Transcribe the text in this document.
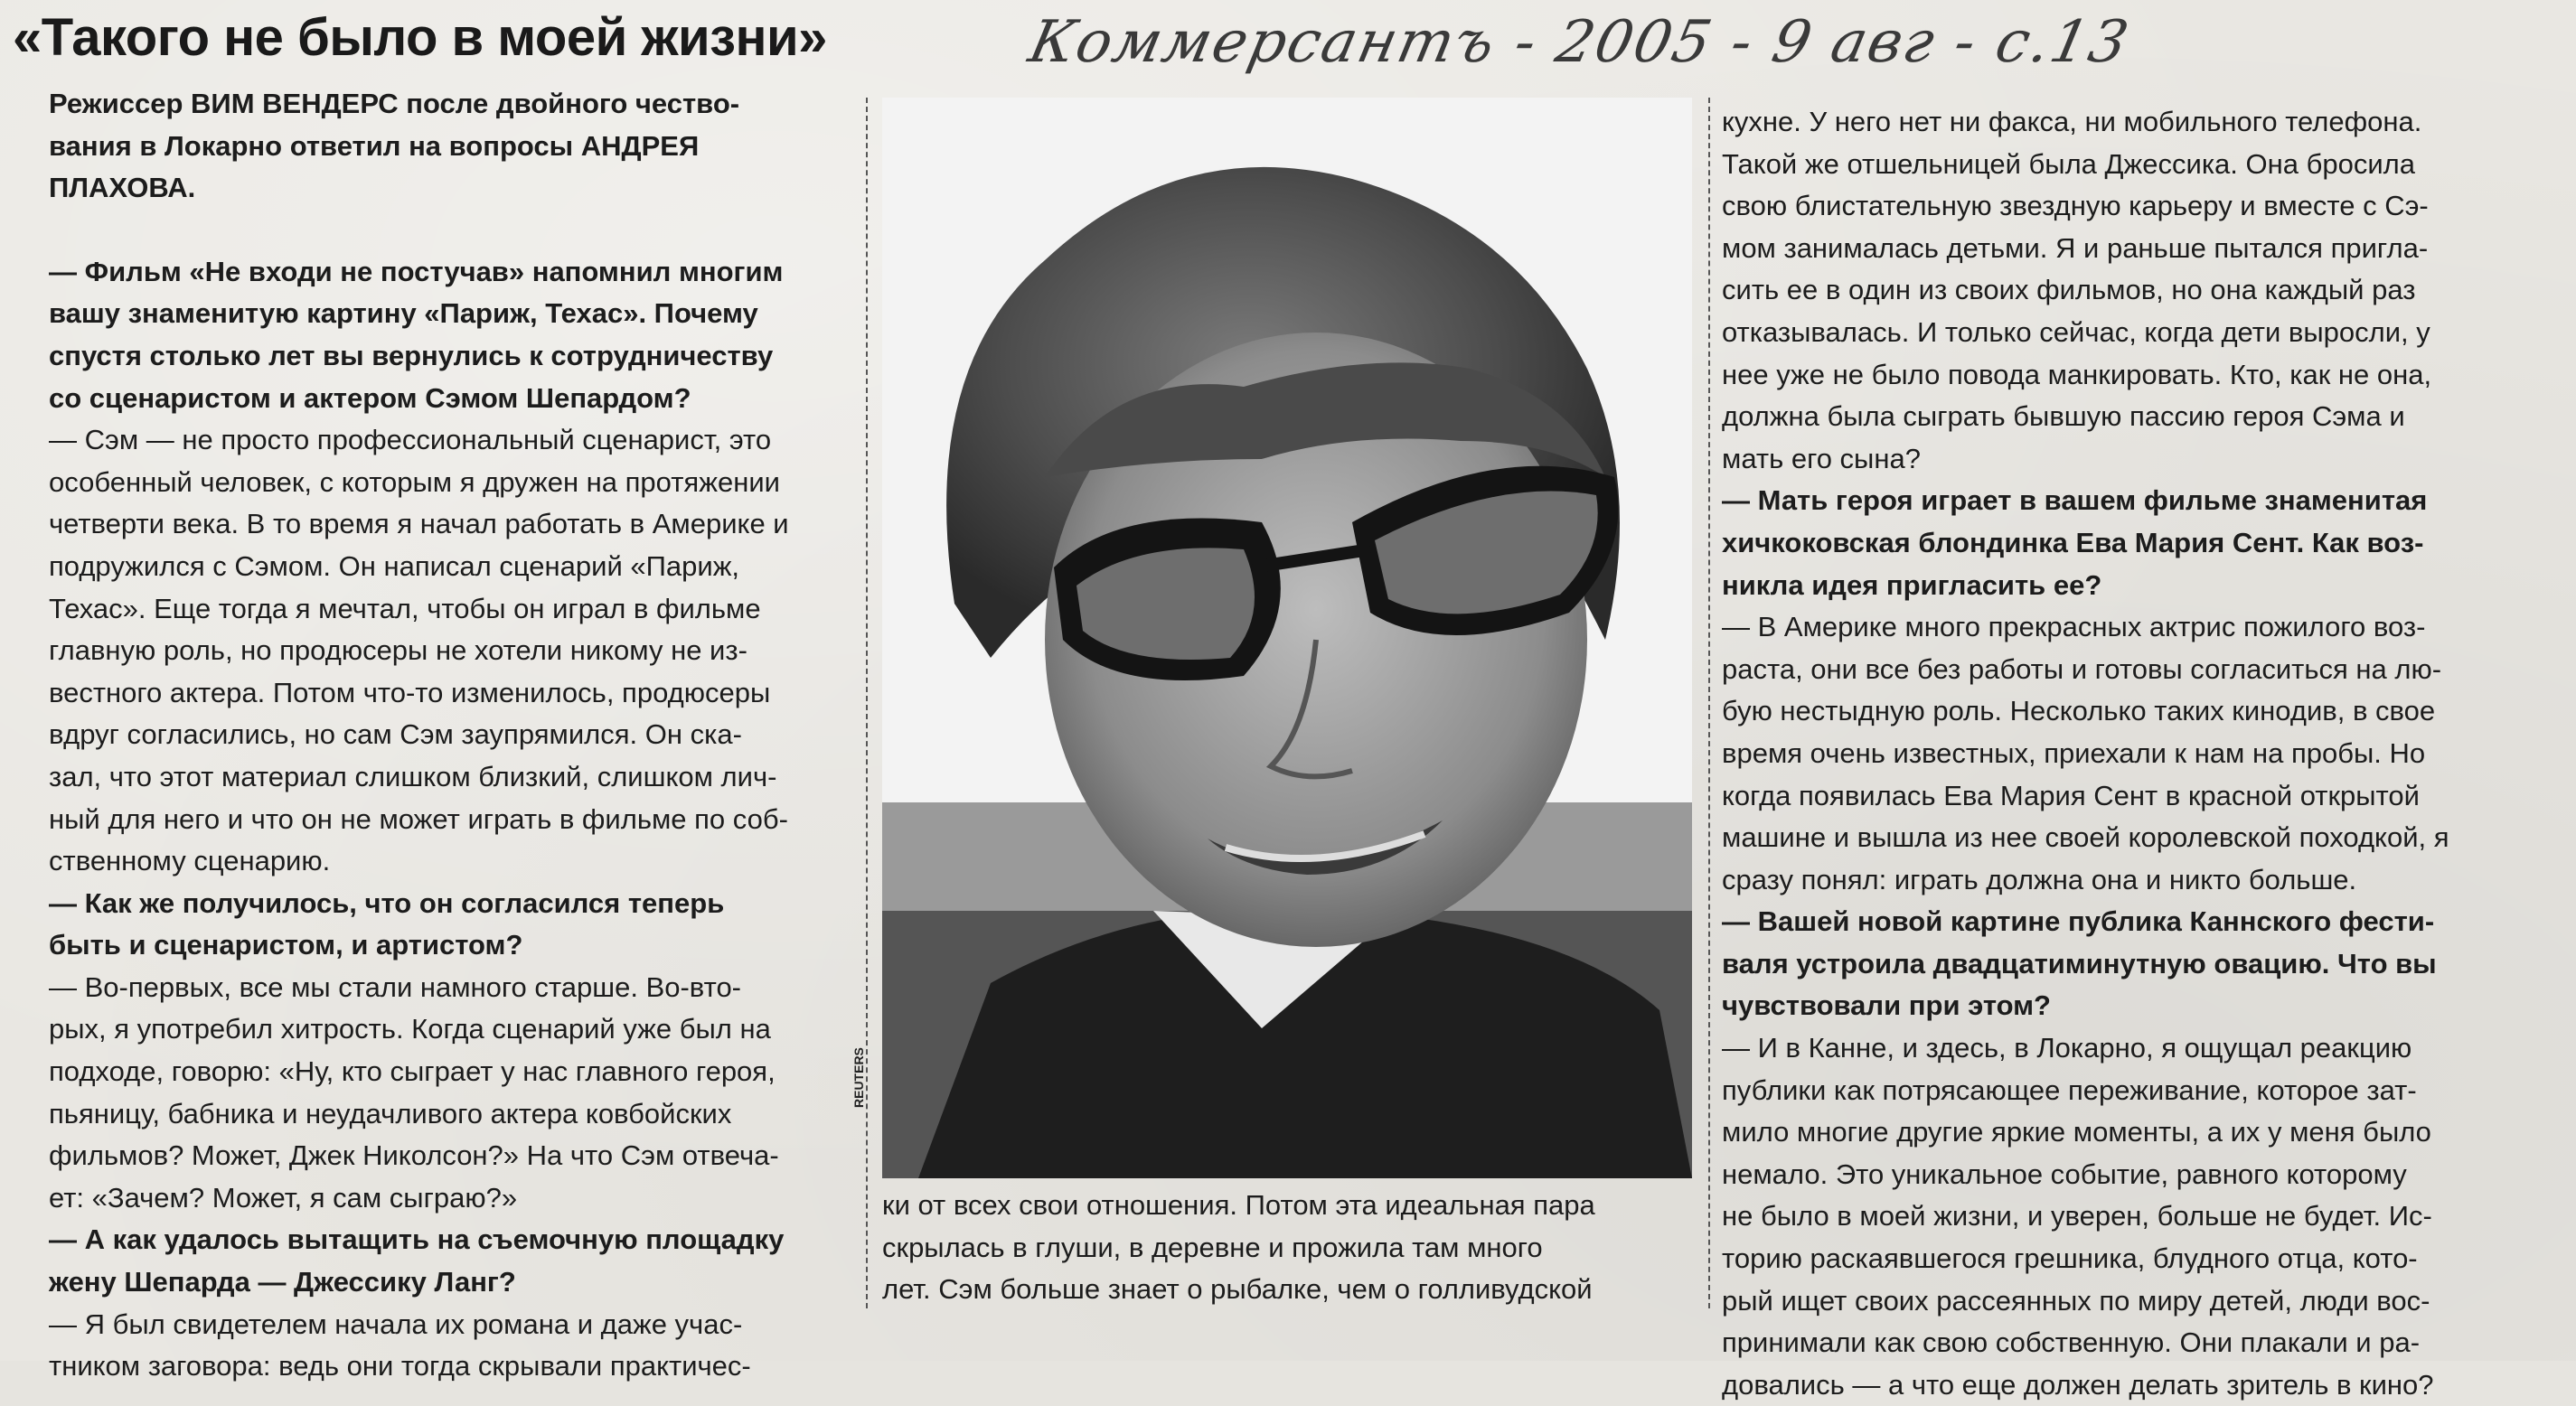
«Такого не было в моей жизни»	Коммерсантъ - 2005 - 9 авг - с.13

Режиссер ВИМ ВЕНДЕРС после двойного чество-
вания в Локарно ответил на вопросы АНДРЕЯ
ПЛАХОВА.

— Фильм «Не входи не постучав» напомнил многим
вашу знаменитую картину «Париж, Техас». Почему
спустя столько лет вы вернулись к сотрудничеству
со сценаристом и актером Сэмом Шепардом?

— Сэм — не просто профессиональный сценарист, это
особенный человек, с которым я дружен на протяжении
четверти века. В то время я начал работать в Америке и
подружился с Сэмом. Он написал сценарий «Париж,
Техас». Еще тогда я мечтал, чтобы он играл в фильме
главную роль, но продюсеры не хотели никому не из-
вестного актера. Потом что-то изменилось, продюсеры
вдруг согласились, но сам Сэм заупрямился. Он ска-
зал, что этот материал слишком близкий, слишком лич-
ный для него и что он не может играть в фильме по соб-
ственному сценарию.

— Как же получилось, что он согласился теперь
быть и сценаристом, и артистом?

— Во-первых, все мы стали намного старше. Во-вто-
рых, я употребил хитрость. Когда сценарий уже был на
подходе, говорю: «Ну, кто сыграет у нас главного героя,
пьяницу, бабника и неудачливого актера ковбойских
фильмов? Может, Джек Николсон?» На что Сэм отвеча-
ет: «Зачем? Может, я сам сыграю?»

— А как удалось вытащить на съемочную площадку
жену Шепарда — Джессику Ланг?

— Я был свидетелем начала их романа и даже учас-
тником заговора: ведь они тогда скрывали практичес-

REUTERS

ки от всех свои отношения. Потом эта идеальная пара
скрылась в глуши, в деревне и прожила там много
лет. Сэм больше знает о рыбалке, чем о голливудской

кухне. У него нет ни факса, ни мобильного телефона.
Такой же отшельницей была Джессика. Она бросила
свою блистательную звездную карьеру и вместе с Сэ-
мом занималась детьми. Я и раньше пытался пригла-
сить ее в один из своих фильмов, но она каждый раз
отказывалась. И только сейчас, когда дети выросли, у
нее уже не было повода манкировать. Кто, как не она,
должна была сыграть бывшую пассию героя Сэма и
мать его сына?

— Мать героя играет в вашем фильме знаменитая
хичкоковская блондинка Ева Мария Сент. Как воз-
никла идея пригласить ее?

— В Америке много прекрасных актрис пожилого воз-
раста, они все без работы и готовы согласиться на лю-
бую нестыдную роль. Несколько таких кинодив, в свое
время очень известных, приехали к нам на пробы. Но
когда появилась Ева Мария Сент в красной открытой
машине и вышла из нее своей королевской походкой, я
сразу понял: играть должна она и никто больше.

— Вашей новой картине публика Каннского фести-
валя устроила двадцатиминутную овацию. Что вы
чувствовали при этом?

— И в Канне, и здесь, в Локарно, я ощущал реакцию
публики как потрясающее переживание, которое зат-
мило многие другие яркие моменты, а их у меня было
немало. Это уникальное событие, равного которому
не было в моей жизни, и уверен, больше не будет. Ис-
торию раскаявшегося грешника, блудного отца, кото-
рый ищет своих рассеянных по миру детей, люди вос-
принимали как свою собственную. Они плакали и ра-
довались — а что еще должен делать зритель в кино?
